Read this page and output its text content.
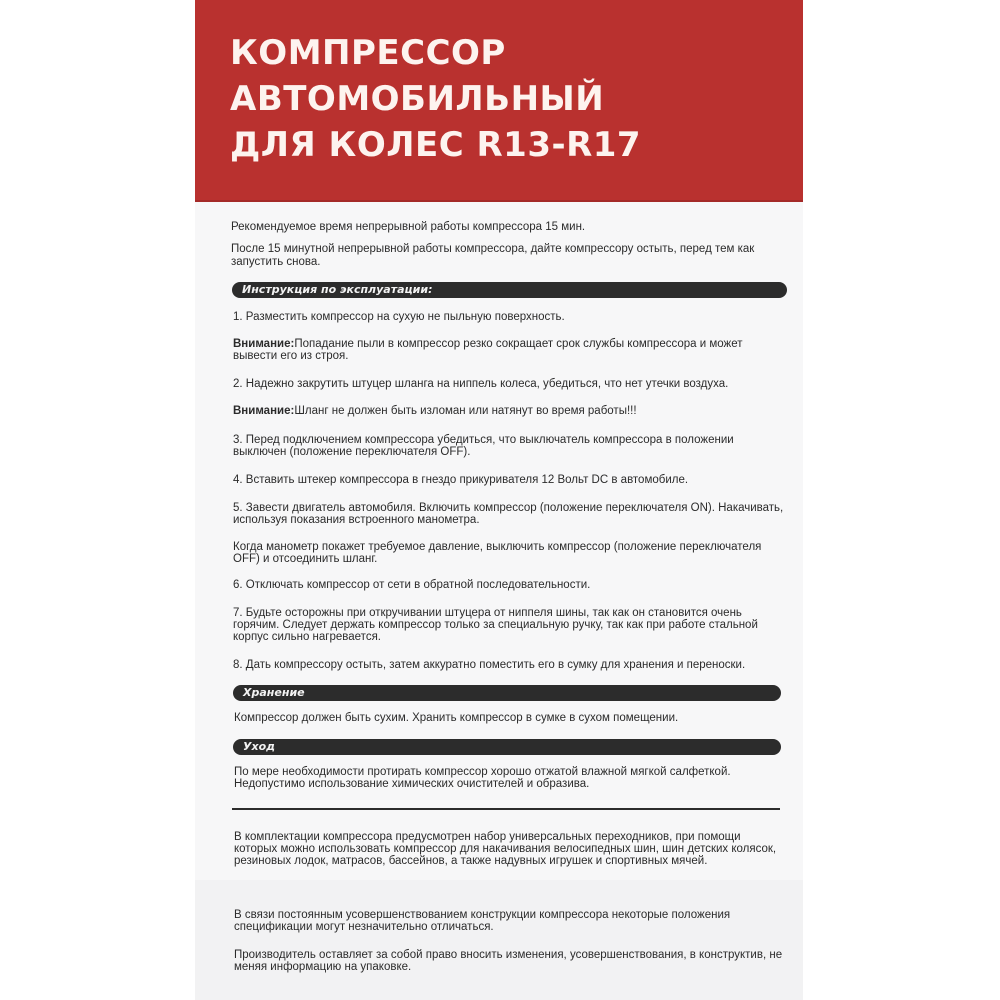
КОМПРЕССОР
АВТОМОБИЛЬНЫЙ
ДЛЯ КОЛЕС R13-R17

Рекомендуемое время непрерывной работы компрессора 15 мин.

После 15 минутной непрерывной работы компрессора, дайте компрессору остыть, перед тем как

запустить снова.

Инструкция по эксплуатации:

1. Разместить компрессор на сухую не пыльную поверхность.

Внимание:Попадание пыли в компрессор резко сокращает срок службы компрессора и может

вывести его из строя.

2. Надежно закрутить штуцер шланга на ниппель колеса, убедиться, что нет утечки воздуха.

Внимание:Шланг не должен быть изломан или натянут во время работы!!!

3. Перед подключением компрессора убедиться, что выключатель компрессора в положении

выключен (положение переключателя OFF).

4. Вставить штекер компрессора в гнездо прикуривателя 12 Вольт DC в автомобиле.

5. Завести двигатель автомобиля. Включить компрессор (положение переключателя ON). Накачивать,

используя показания встроенного манометра.

Когда манометр покажет требуемое давление, выключить компрессор (положение переключателя

OFF) и отсоединить шланг.

6. Отключать компрессор от сети в обратной последовательности.

7. Будьте осторожны при откручивании штуцера от ниппеля шины, так как он становится очень

горячим. Следует держать компрессор только за специальную ручку, так как при работе стальной

корпус сильно нагревается.

8. Дать компрессору остыть, затем аккуратно поместить его в сумку для хранения и переноски.

Хранение

Компрессор должен быть сухим. Хранить компрессор в сумке в сухом помещении.

Уход

По мере необходимости протирать компрессор хорошо отжатой влажной мягкой салфеткой.

Недопустимо использование химических очистителей и образива.

В комплектации компрессора предусмотрен набор универсальных переходников, при помощи

которых можно использовать компрессор для накачивания велосипедных шин, шин детских колясок,

резиновых лодок, матрасов, бассейнов, а также надувных игрушек и спортивных мячей.

В связи постоянным усовершенствованием конструкции компрессора некоторые положения

спецификации могут незначительно отличаться.

Производитель оставляет за собой право вносить изменения, усовершенствования, в конструктив, не

меняя информацию на упаковке.
